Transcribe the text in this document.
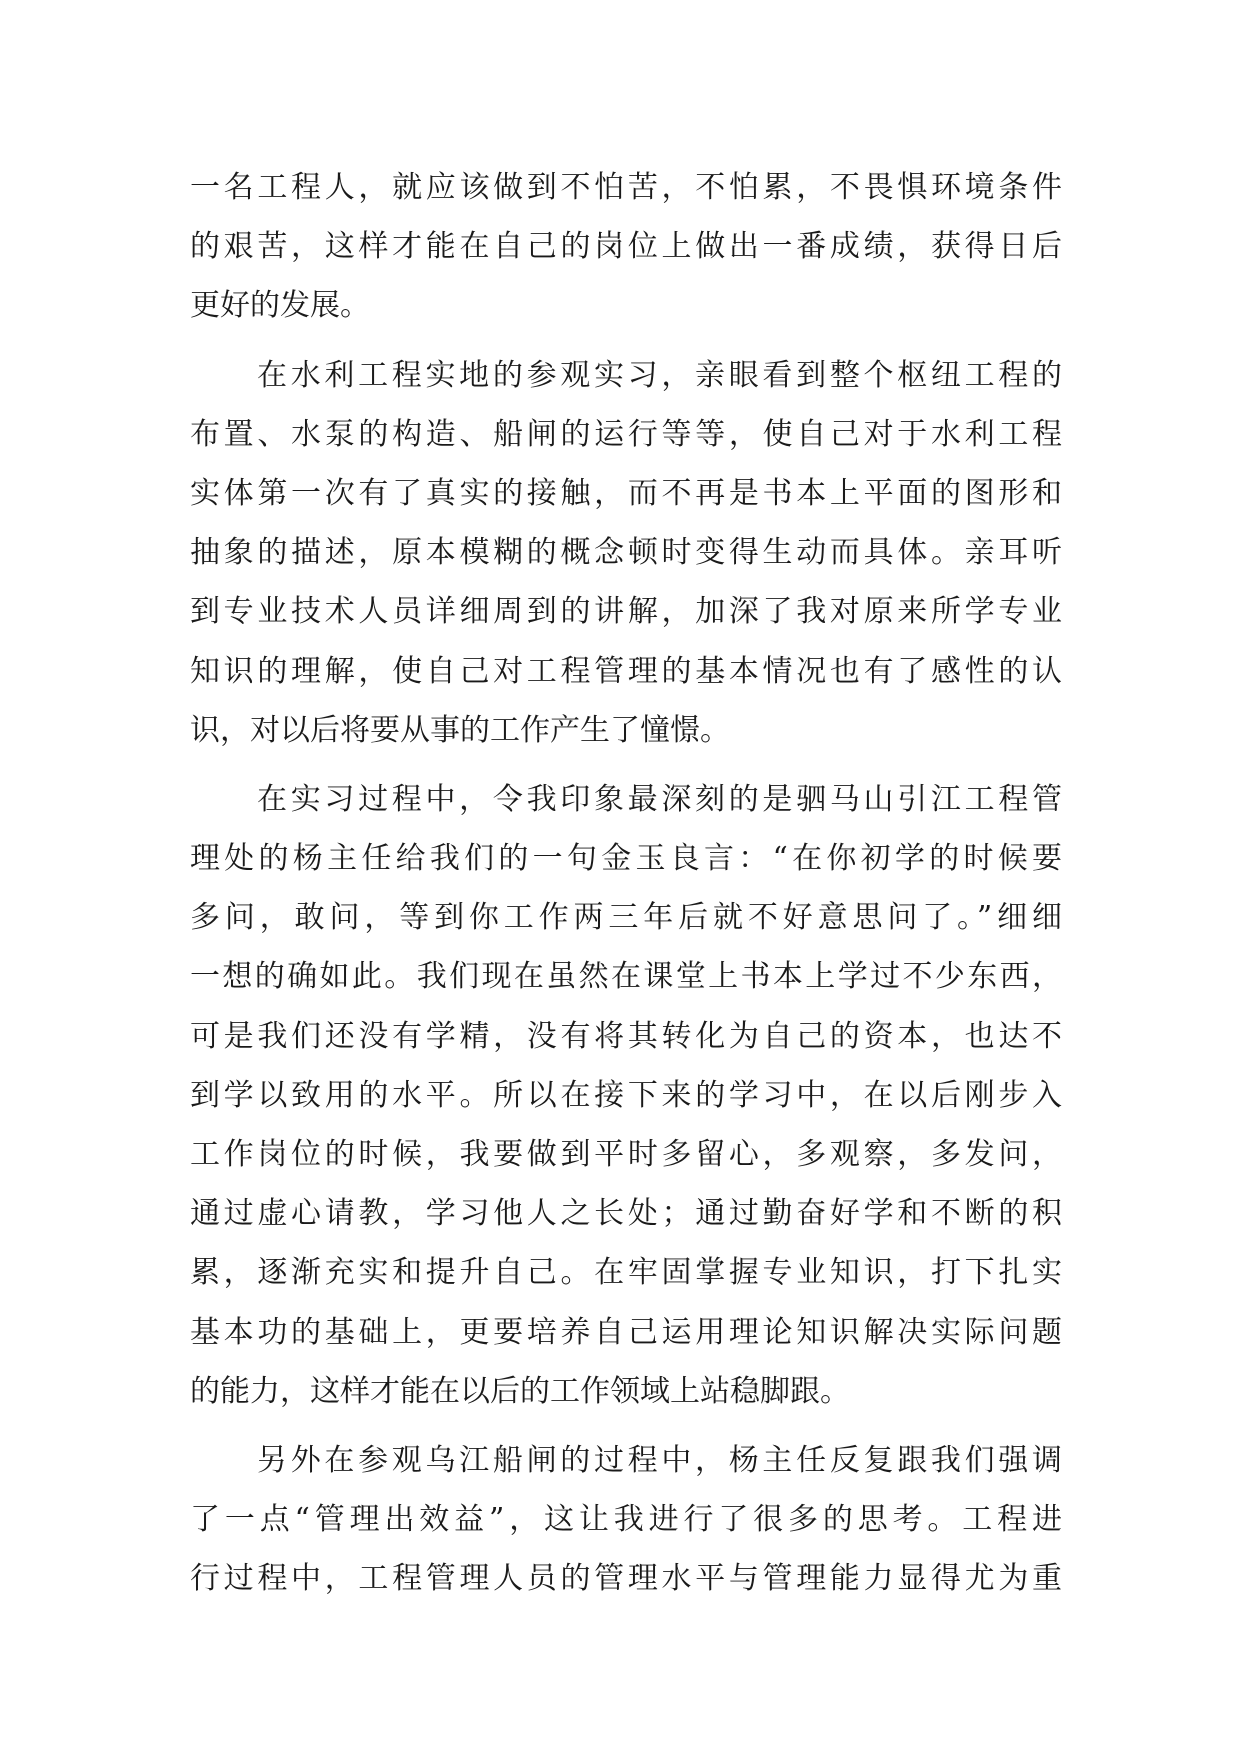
一名工程人，就应该做到不怕苦，不怕累，不畏惧环境条件
的艰苦，这样才能在自己的岗位上做出一番成绩，获得日后
更好的发展。
在水利工程实地的参观实习，亲眼看到整个枢纽工程的
布置、水泵的构造、船闸的运行等等，使自己对于水利工程
实体第一次有了真实的接触，而不再是书本上平面的图形和
抽象的描述，原本模糊的概念顿时变得生动而具体。亲耳听
到专业技术人员详细周到的讲解，加深了我对原来所学专业
知识的理解，使自己对工程管理的基本情况也有了感性的认
识，对以后将要从事的工作产生了憧憬。
在实习过程中，令我印象最深刻的是驷马山引江工程管
理处的杨主任给我们的一句金玉良言：“在你初学的时候要
多问，敢问，等到你工作两三年后就不好意思问了。”细细
一想的确如此。我们现在虽然在课堂上书本上学过不少东西，
可是我们还没有学精，没有将其转化为自己的资本，也达不
到学以致用的水平。所以在接下来的学习中，在以后刚步入
工作岗位的时候，我要做到平时多留心，多观察，多发问，
通过虚心请教，学习他人之长处；通过勤奋好学和不断的积
累，逐渐充实和提升自己。在牢固掌握专业知识，打下扎实
基本功的基础上，更要培养自己运用理论知识解决实际问题
的能力，这样才能在以后的工作领域上站稳脚跟。
另外在参观乌江船闸的过程中，杨主任反复跟我们强调
了一点“管理出效益”，这让我进行了很多的思考。工程进
行过程中，工程管理人员的管理水平与管理能力显得尤为重
